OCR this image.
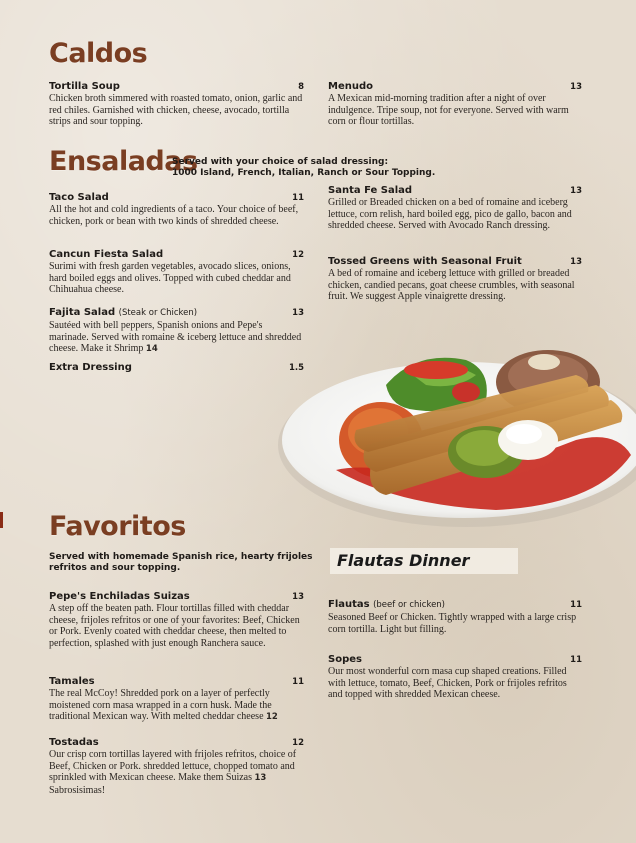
Caldos
Tortilla Soup	8
Chicken broth simmered with roasted tomato, onion, garlic and red chiles. Garnished with chicken, cheese, avocado, tortilla strips and sour topping.
Menudo	13
A Mexican mid-morning tradition after a night of over indulgence. Tripe soup, not for everyone. Served with warm corn or flour tortillas.
Ensaladas
Served with your choice of salad dressing:
1000 Island, French, Italian, Ranch or Sour Topping.
Taco Salad	11
All the hot and cold ingredients of a taco. Your choice of beef, chicken, pork or bean with two kinds of shredded cheese.
Cancun Fiesta Salad	12
Surimi with fresh garden vegetables, avocado slices, onions, hard boiled eggs and olives. Topped with cubed cheddar and Chihuahua cheese.
Fajita Salad (Steak or Chicken)	13
Sautéed with bell peppers, Spanish onions and Pepe's marinade. Served with romaine & iceberg lettuce and shredded cheese. Make it Shrimp 14
Extra Dressing	1.5
Santa Fe Salad	13
Grilled or Breaded chicken on a bed of romaine and iceberg lettuce, corn relish, hard boiled egg, pico de gallo, bacon and shredded cheese. Served with Avocado Ranch dressing.
Tossed Greens with Seasonal Fruit	13
A bed of romaine and iceberg lettuce with grilled or breaded chicken, candied pecans, goat cheese crumbles, with seasonal fruit. We suggest Apple vinaigrette dressing.
Flautas Dinner
Favoritos
Served with homemade Spanish rice, hearty frijoles
refritos and sour topping.
Pepe's Enchiladas Suizas	13
A step off the beaten path. Flour tortillas filled with cheddar cheese, frijoles refritos or one of your favorites: Beef, Chicken or Pork. Evenly coated with cheddar cheese, then melted to perfection, splashed with just enough Ranchera sauce.
Tamales	11
The real McCoy! Shredded pork on a layer of perfectly moistened corn masa wrapped in a corn husk. Made the traditional Mexican way. With melted cheddar cheese 12
Tostadas	12
Our crisp corn tortillas layered with frijoles refritos, choice of Beef, Chicken or Pork. shredded lettuce, chopped tomato and sprinkled with Mexican cheese. Make them Suizas 13 Sabrosisimas!
Flautas (beef or chicken)	11
Seasoned Beef or Chicken. Tightly wrapped with a large crisp corn tortilla. Light but filling.
Sopes	11
Our most wonderful corn masa cup shaped creations. Filled with lettuce, tomato, Beef, Chicken, Pork or frijoles refritos and topped with shredded Mexican cheese.
